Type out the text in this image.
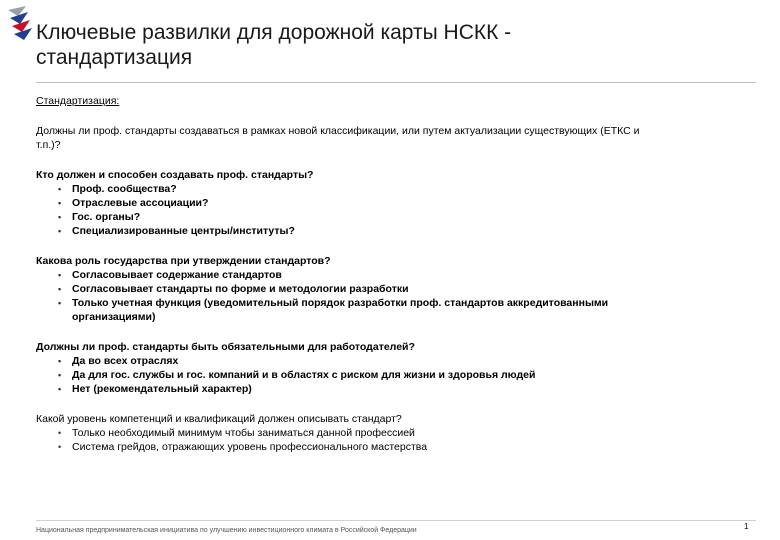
Ключевые развилки для дорожной карты НСКК -
стандартизация
Стандартизация:

Должны ли проф. стандарты создаваться в рамках новой классификации, или путем актуализации существующих (ЕТКС и

т.п.)?

Кто должен и способен создавать проф. стандарты?

• Проф. сообщества?
• Отраслевые ассоциации?
• Гос. органы?
• Специализированные центры/институты?

Какова роль государства при утверждении стандартов?

• Согласовывает содержание стандартов
• Согласовывает стандарты по форме и методологии разработки
• Только учетная функция (уведомительный порядок разработки проф. стандартов аккредитованными
организациями)

Должны ли проф. стандарты быть обязательными для работодателей?

• Да во всех отраслях
• Да для гос. службы и гос. компаний и в областях с риском для жизни и здоровья людей
• Нет (рекомендательный характер)

Какой уровень компетенций и квалификаций должен описывать стандарт?

• Только необходимый минимум чтобы заниматься данной профессией
• Система грейдов, отражающих уровень профессионального мастерства
Национальная предпринимательская инициатива по улучшению инвестиционного климата в Российской Федерации	1
